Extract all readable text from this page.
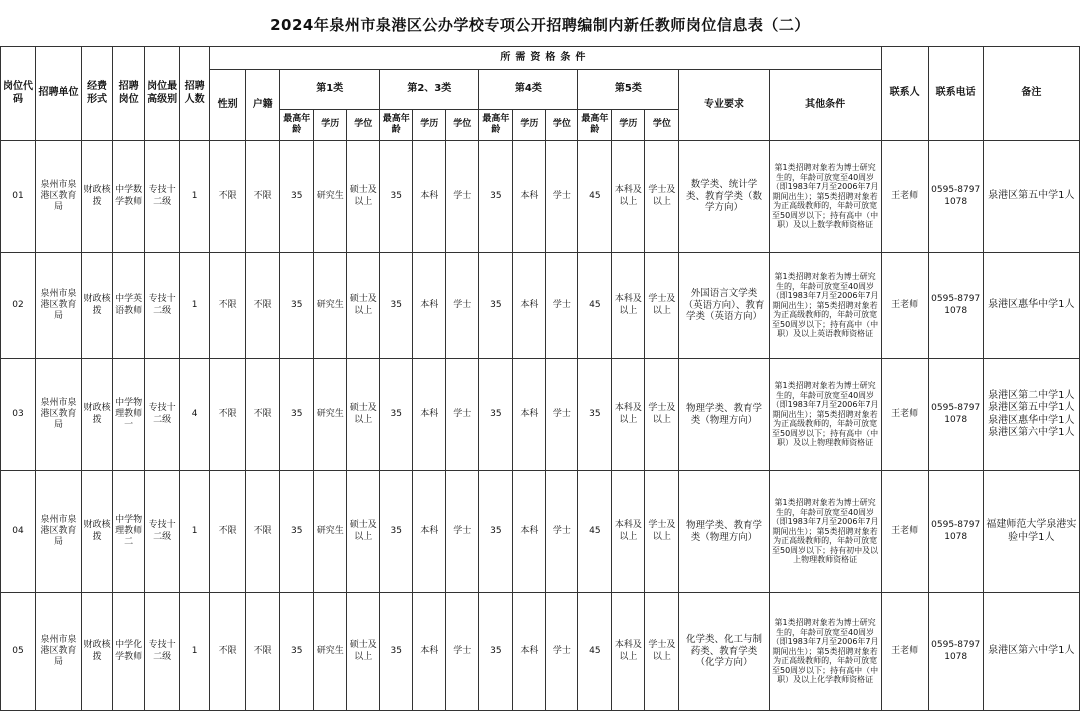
2024年泉州市泉港区公办学校专项公开招聘编制内新任教师岗位信息表（二）
岗位代码	招聘单位	经费形式	招聘岗位	岗位最高级别	招聘人数	所需资格条件																联系人	联系电话	备注

						性别	户籍	第1类			第2、3类			第4类			第5类			专业要求	其他条件			
								最高年龄	学历	学位	最高年龄	学历	学位	最高年龄	学历	学位	最高年龄	学历	学位					
01	泉州市泉港区教育局	财政核拨	中学数学教师	专技十二级	1	不限	不限	35	研究生	硕士及以上	35	本科	学士	35	本科	学士	45	本科及以上	学士及以上	数学类、统计学类、教育学类（数学方向）	第1类招聘对象若为博士研究生的，年龄可放宽至40周岁（即1983年7月至2006年7月期间出生）；第5类招聘对象若为正高级教师的，年龄可放宽至50周岁以下；持有高中（中职）及以上数学教师资格证	王老师	0595-87971078	泉港区第五中学1人
02	泉州市泉港区教育局	财政核拨	中学英语教师	专技十二级	1	不限	不限	35	研究生	硕士及以上	35	本科	学士	35	本科	学士	45	本科及以上	学士及以上	外国语言文学类（英语方向）、教育学类（英语方向）	第1类招聘对象若为博士研究生的，年龄可放宽至40周岁（即1983年7月至2006年7月期间出生）；第5类招聘对象若为正高级教师的，年龄可放宽至50周岁以下；持有高中（中职）及以上英语教师资格证	王老师	0595-87971078	泉港区惠华中学1人
03	泉州市泉港区教育局	财政核拨	中学物理教师一	专技十二级	4	不限	不限	35	研究生	硕士及以上	35	本科	学士	35	本科	学士	35	本科及以上	学士及以上	物理学类、教育学类（物理方向）	第1类招聘对象若为博士研究生的，年龄可放宽至40周岁（即1983年7月至2006年7月期间出生）；第5类招聘对象若为正高级教师的，年龄可放宽至50周岁以下；持有高中（中职）及以上物理教师资格证	王老师	0595-87971078	泉港区第二中学1人泉港区第五中学1人泉港区惠华中学1人泉港区第六中学1人
04	泉州市泉港区教育局	财政核拨	中学物理教师二	专技十二级	1	不限	不限	35	研究生	硕士及以上	35	本科	学士	35	本科	学士	45	本科及以上	学士及以上	物理学类、教育学类（物理方向）	第1类招聘对象若为博士研究生的，年龄可放宽至40周岁（即1983年7月至2006年7月期间出生）；第5类招聘对象若为正高级教师的，年龄可放宽至50周岁以下；持有初中及以上物理教师资格证	王老师	0595-87971078	福建师范大学泉港实验中学1人
05	泉州市泉港区教育局	财政核拨	中学化学教师	专技十二级	1	不限	不限	35	研究生	硕士及以上	35	本科	学士	35	本科	学士	45	本科及以上	学士及以上	化学类、化工与制药类、教育学类（化学方向）	第1类招聘对象若为博士研究生的，年龄可放宽至40周岁（即1983年7月至2006年7月期间出生）；第5类招聘对象若为正高级教师的，年龄可放宽至50周岁以下；持有高中（中职）及以上化学教师资格证	王老师	0595-87971078	泉港区第六中学1人
